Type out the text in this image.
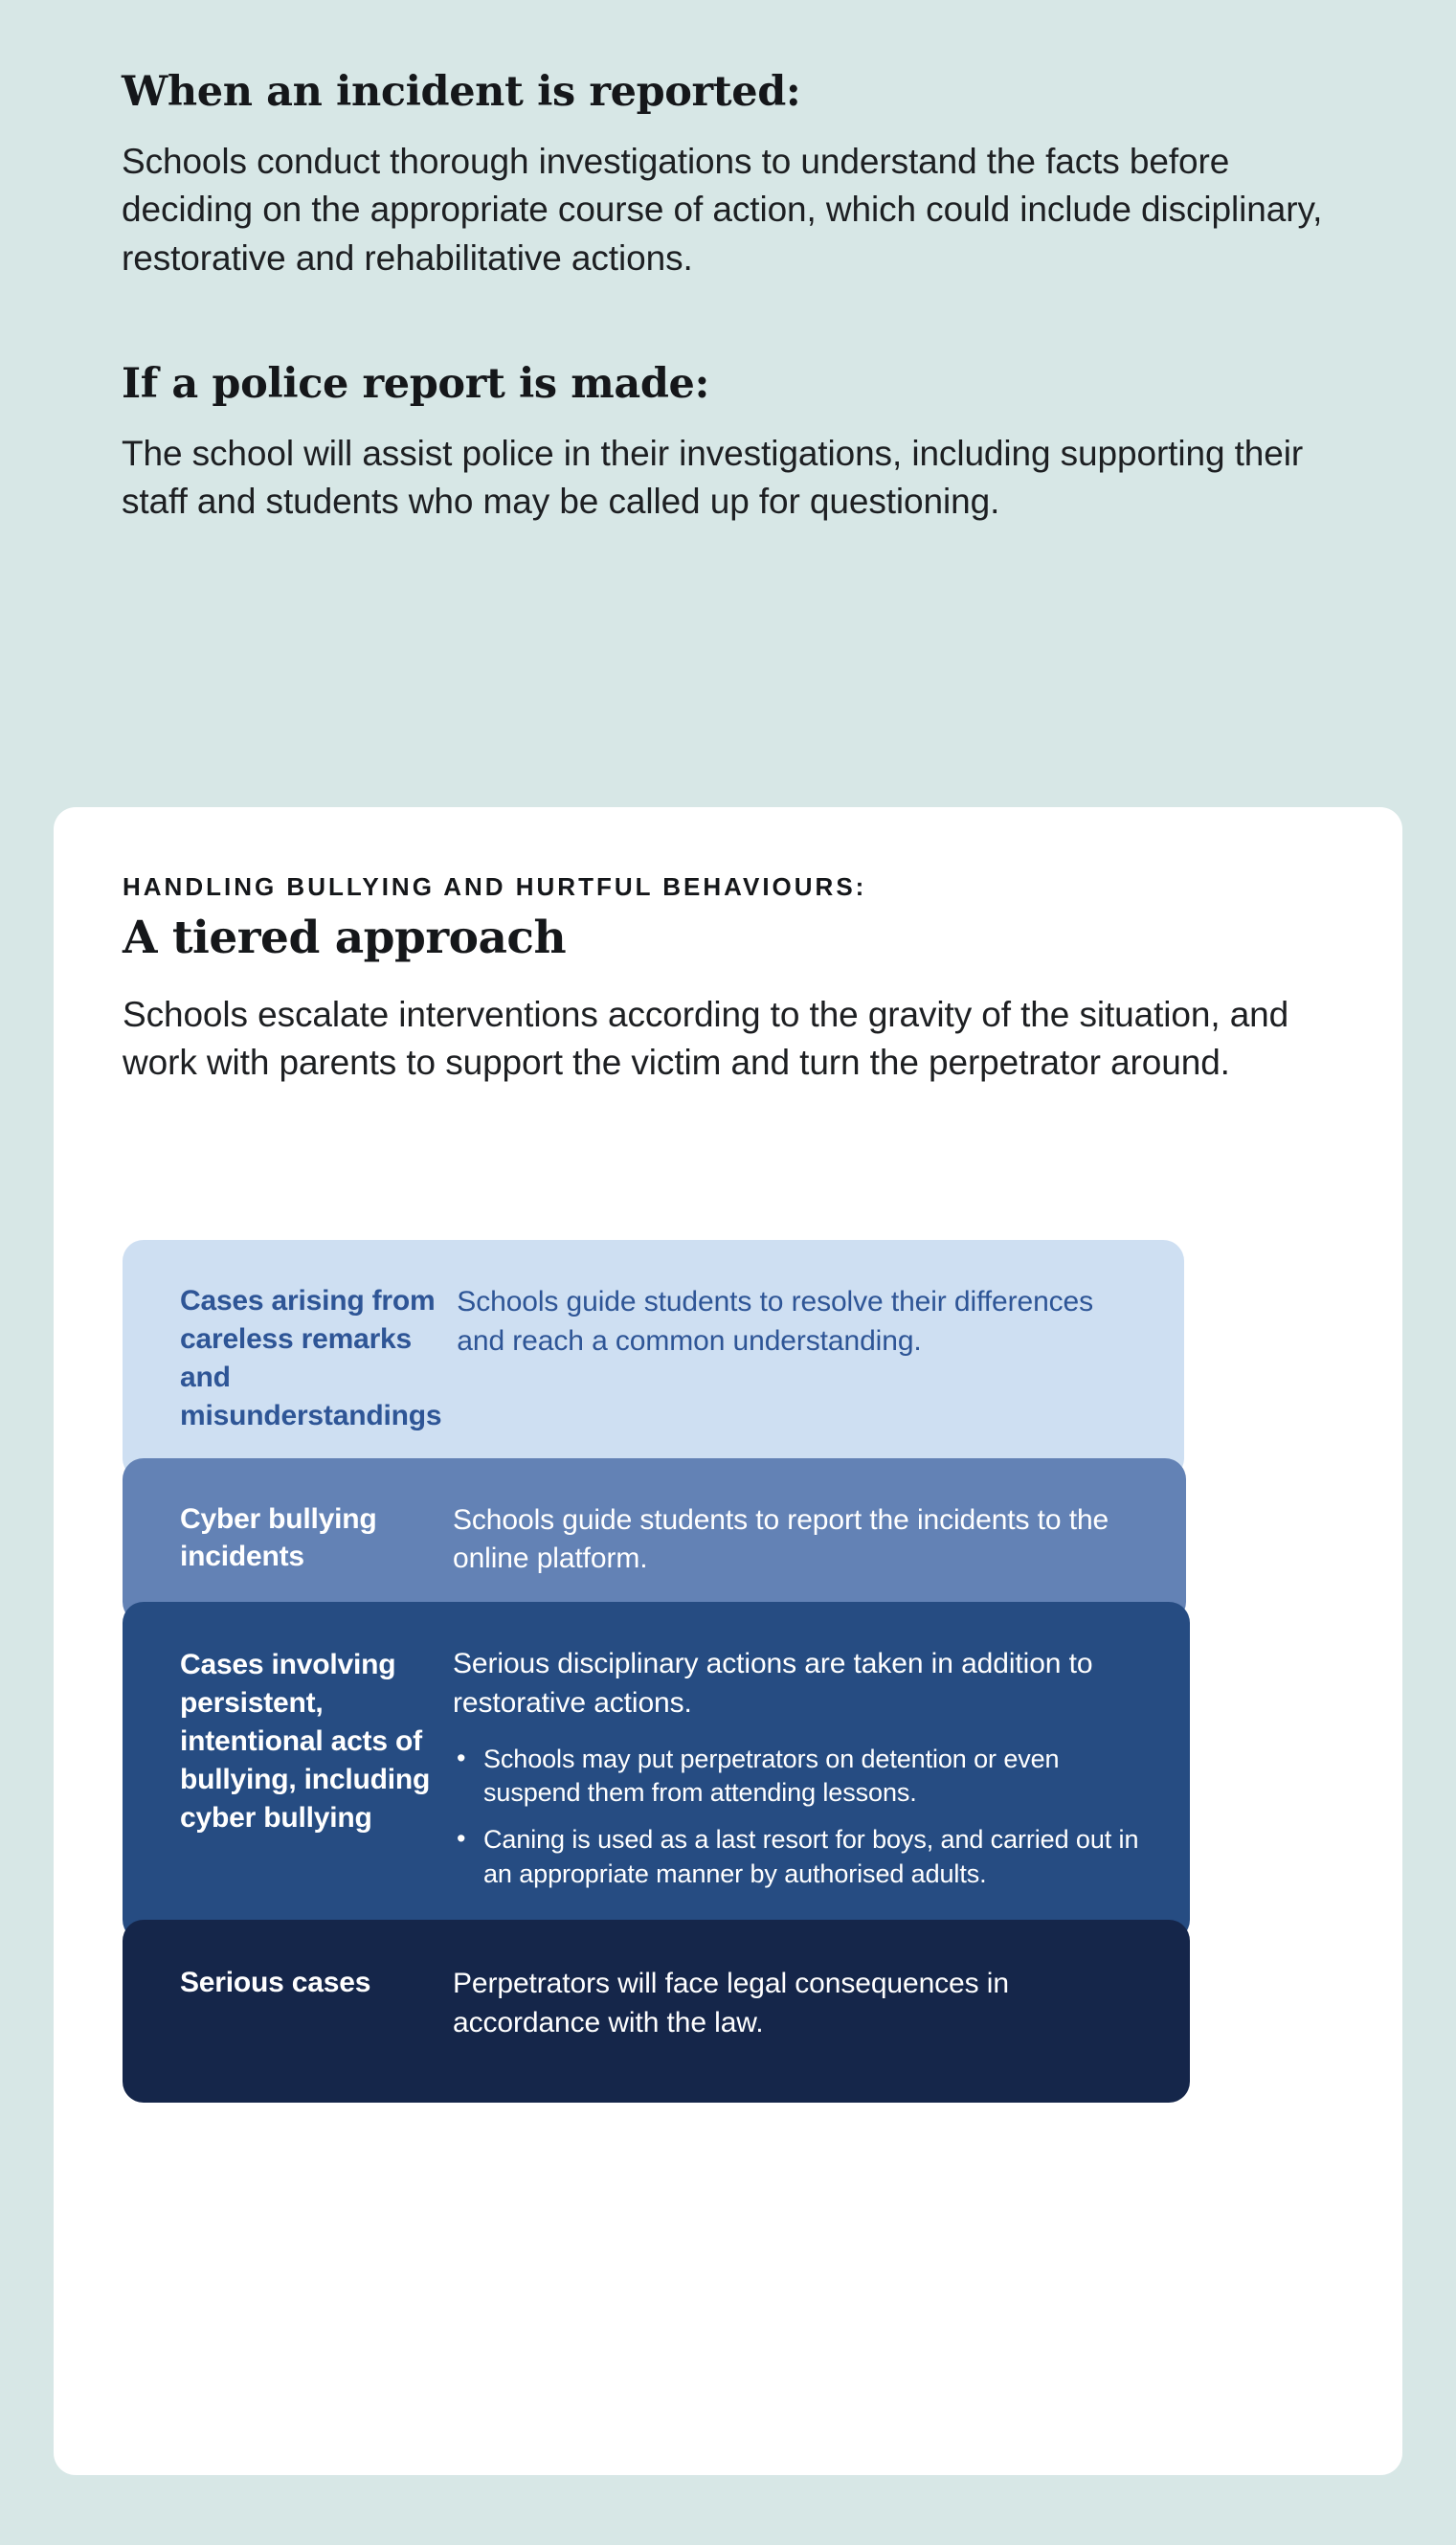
When an incident is reported:

Schools conduct thorough investigations to understand the facts before deciding on the appropriate course of action, which could include disciplinary, restorative and rehabilitative actions.

If a police report is made:

The school will assist police in their investigations, including supporting their staff and students who may be called up for questioning.

HANDLING BULLYING AND HURTFUL BEHAVIOURS:
A tiered approach

Schools escalate interventions according to the gravity of the situation, and work with parents to support the victim and turn the perpetrator around.

Cases arising from careless remarks and misunderstandings
Schools guide students to resolve their differences and reach a common understanding.
Cyber bullying incidents
Schools guide students to report the incidents to the online platform.
Cases involving persistent, intentional acts of bullying, including cyber bullying
Serious disciplinary actions are taken in addition to restorative actions.
• Schools may put perpetrators on detention or even suspend them from attending lessons.
• Caning is used as a last resort for boys, and carried out in an appropriate manner by authorised adults.
Serious cases	Perpetrators will face legal consequences in accordance with the law.
